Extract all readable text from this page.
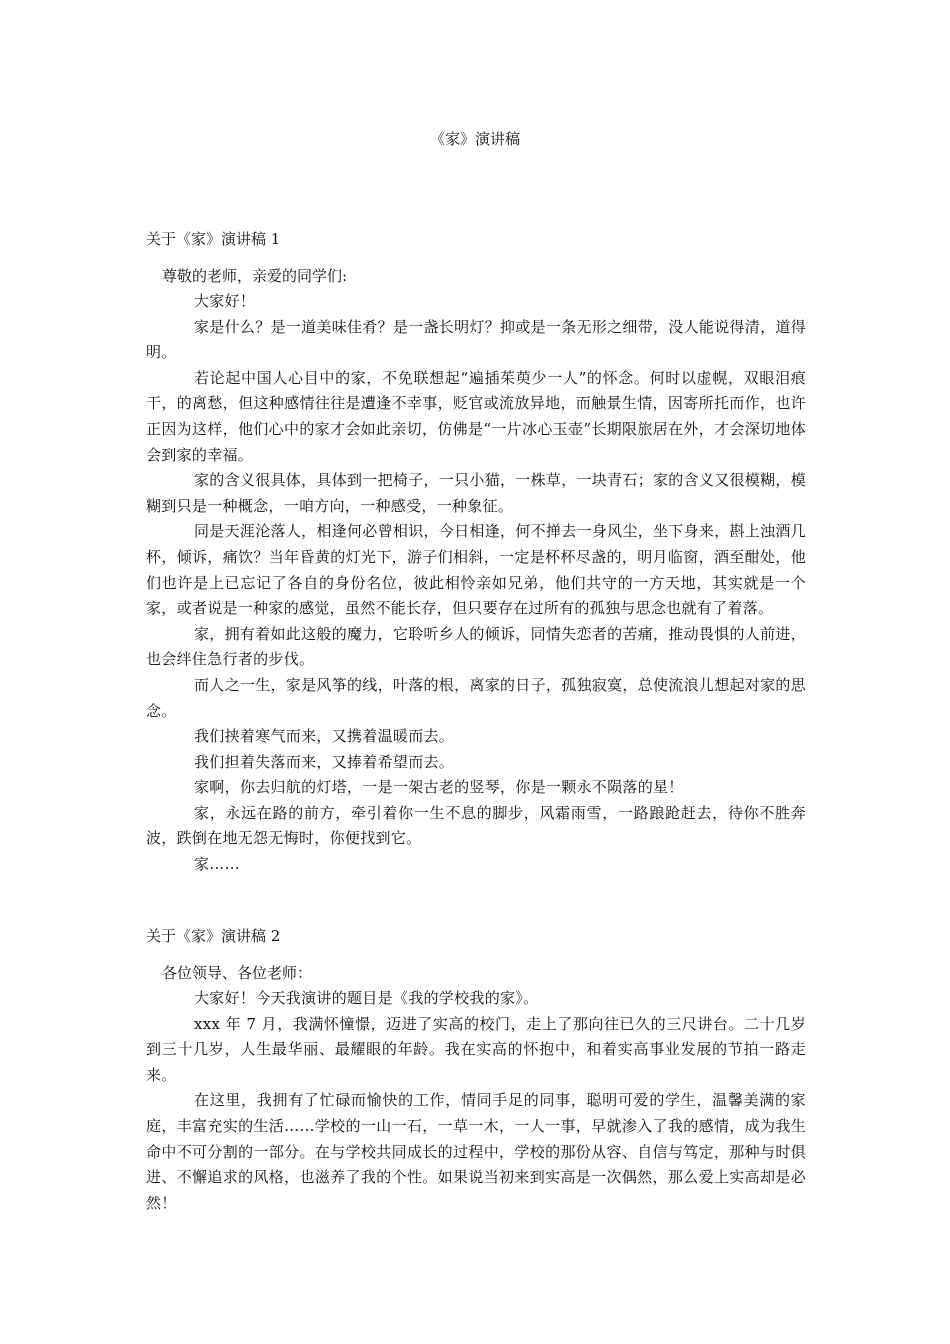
《家》演讲稿

关于《家》演讲稿 1

尊敬的老师，亲爱的同学们:

大家好！

家是什么？是一道美味佳肴？是一盏长明灯？抑或是一条无形之细带，没人能说得清，道得明。

若论起中国人心目中的家，不免联想起“遍插茱萸少一人”的怀念。何时以虚幌，双眼泪痕干，的离愁，但这种感情往往是遭逢不幸事，贬官或流放异地，而触景生情，因寄所托而作，也许正因为这样，他们心中的家才会如此亲切，仿佛是“一片冰心玉壶”长期限旅居在外，才会深切地体会到家的幸福。

家的含义很具体，具体到一把椅子，一只小猫，一株草，一块青石；家的含义又很模糊，模糊到只是一种概念，一咱方向，一种感受，一种象征。

同是天涯沦落人，相逢何必曾相识，今日相逢，何不掸去一身风尘，坐下身来，斟上浊酒几杯，倾诉，痛饮？当年昏黄的灯光下，游子们相斜，一定是杯杯尽盏的，明月临窗，酒至酣处，他们也许是上已忘记了各自的身份名位，彼此相怜亲如兄弟，他们共守的一方天地，其实就是一个家，或者说是一种家的感觉，虽然不能长存，但只要存在过所有的孤独与思念也就有了着落。

家，拥有着如此这般的魔力，它聆听乡人的倾诉，同情失恋者的苦痛，推动畏惧的人前进，也会绊住急行者的步伐。

而人之一生，家是风筝的线，叶落的根，离家的日子，孤独寂寞，总使流浪儿想起对家的思念。

我们挟着寒气而来，又携着温暖而去。

我们担着失落而来，又捧着希望而去。

家啊，你去归航的灯塔，一是一架古老的竖琴，你是一颗永不陨落的星！

家，永远在路的前方，牵引着你一生不息的脚步，风霜雨雪，一路踉跄赶去，待你不胜奔波，跌倒在地无怨无悔时，你便找到它。

家……

关于《家》演讲稿 2

各位领导、各位老师：

大家好！今天我演讲的题目是《我的学校我的家》。

xxx 年 7 月，我满怀憧憬，迈进了实高的校门，走上了那向往已久的三尺讲台。二十几岁到三十几岁，人生最华丽、最耀眼的年龄。我在实高的怀抱中，和着实高事业发展的节拍一路走来。

在这里，我拥有了忙碌而愉快的工作，情同手足的同事，聪明可爱的学生，温馨美满的家庭，丰富充实的生活……学校的一山一石，一草一木，一人一事，早就渗入了我的感情，成为我生命中不可分割的一部分。在与学校共同成长的过程中，学校的那份从容、自信与笃定，那种与时俱进、不懈追求的风格，也滋养了我的个性。如果说当初来到实高是一次偶然，那么爱上实高却是必然！
